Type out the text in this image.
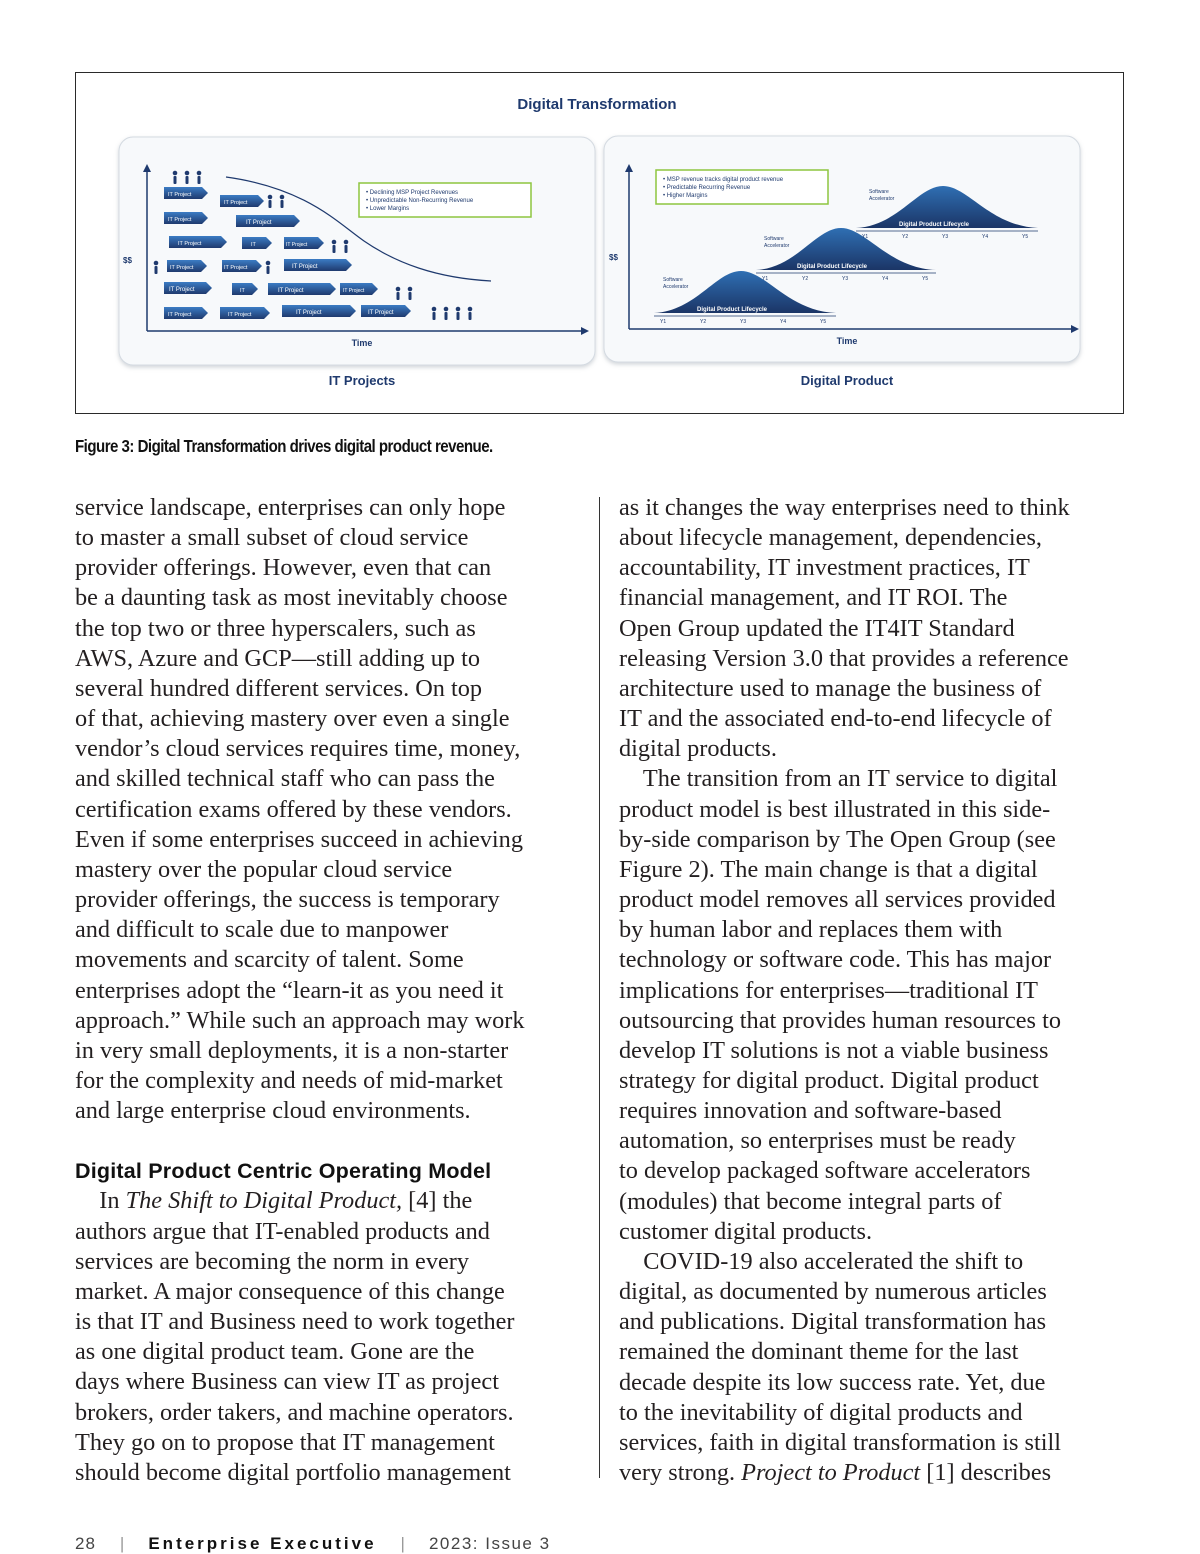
Digital Transformation
$$
Time
• Declining MSP Project Revenues
• Unpredictable Non-Recurring Revenue
• Lower Margins
IT Project
IT Project
IT Project	IT Project
IT Project	IT	IT Project
IT Project	IT Project	IT Project
IT Project	IT	IT Project	IT Project
IT Project	IT Project	IT Project	IT Project
IT Projects
$$
Time
• MSP revenue tracks digital product revenue
• Predictable Recurring Revenue
• Higher Margins
Digital Product Lifecycle
Y1	Y2	Y3	Y4	Y5
Software
Accelerator
Digital Product Lifecycle
Y1	Y2	Y3	Y4	Y5
Software
Accelerator
Digital Product Lifecycle
Y1	Y2	Y3	Y4	Y5
Software
Accelerator
Digital Product
Figure 3: Digital Transformation drives digital product revenue.

service landscape, enterprises can only hope

to master a small subset of cloud service

provider offerings. However, even that can

be a daunting task as most inevitably choose

the top two or three hyperscalers, such as

AWS, Azure and GCP—still adding up to

several hundred different services. On top

of that, achieving mastery over even a single

vendor’s cloud services requires time, money,

and skilled technical staff who can pass the

certification exams offered by these vendors.

Even if some enterprises succeed in achieving

mastery over the popular cloud service

provider offerings, the success is temporary

and difficult to scale due to manpower

movements and scarcity of talent. Some

enterprises adopt the “learn-it as you need it

approach.” While such an approach may work

in very small deployments, it is a non-starter

for the complexity and needs of mid-market

and large enterprise cloud environments.

Digital Product Centric Operating Model

In The Shift to Digital Product, [4] the

authors argue that IT-enabled products and

services are becoming the norm in every

market. A major consequence of this change

is that IT and Business need to work together

as one digital product team. Gone are the

days where Business can view IT as project

brokers, order takers, and machine operators.

They go on to propose that IT management

should become digital portfolio management

as it changes the way enterprises need to think

about lifecycle management, dependencies,

accountability, IT investment practices, IT

financial management, and IT ROI. The

Open Group updated the IT4IT Standard

releasing Version 3.0 that provides a reference

architecture used to manage the business of

IT and the associated end-to-end lifecycle of

digital products.

The transition from an IT service to digital

product model is best illustrated in this side-

by-side comparison by The Open Group (see

Figure 2). The main change is that a digital

product model removes all services provided

by human labor and replaces them with

technology or software code. This has major

implications for enterprises—traditional IT

outsourcing that provides human resources to

develop IT solutions is not a viable business

strategy for digital product. Digital product

requires innovation and software-based

automation, so enterprises must be ready

to develop packaged software accelerators

(modules) that become integral parts of

customer digital products.

COVID-19 also accelerated the shift to

digital, as documented by numerous articles

and publications. Digital transformation has

remained the dominant theme for the last

decade despite its low success rate. Yet, due

to the inevitability of digital products and

services, faith in digital transformation is still

very strong. Project to Product [1] describes

28 | Enterprise Executive | 2023: Issue 3
